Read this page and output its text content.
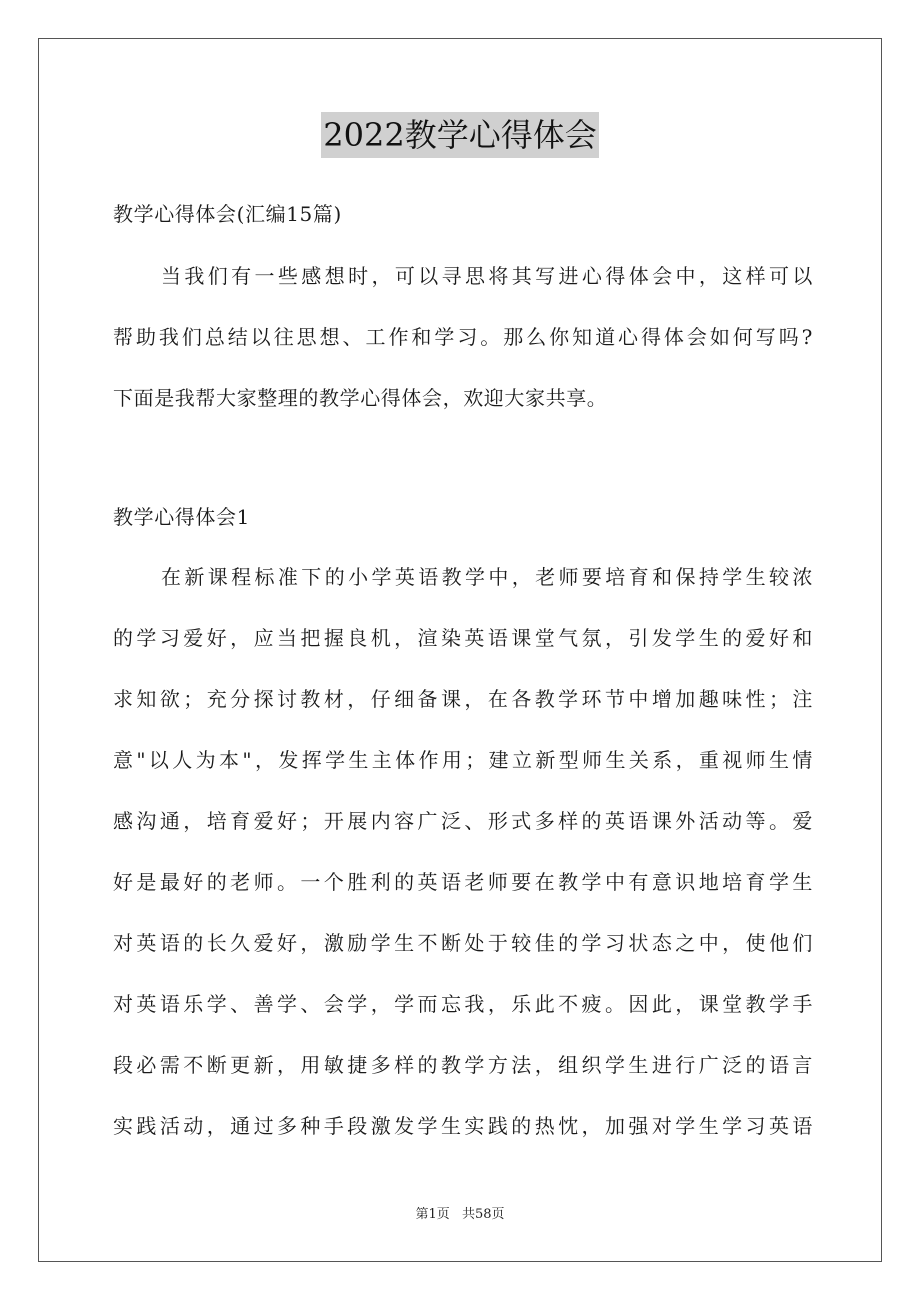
2022教学心得体会
教学心得体会(汇编15篇)
当我们有一些感想时，可以寻思将其写进心得体会中，这样可以
帮助我们总结以往思想、工作和学习。那么你知道心得体会如何写吗?
下面是我帮大家整理的教学心得体会，欢迎大家共享。
教学心得体会1
在新课程标准下的小学英语教学中，老师要培育和保持学生较浓
的学习爱好，应当把握良机，渲染英语课堂气氛，引发学生的爱好和
求知欲；充分探讨教材，仔细备课，在各教学环节中增加趣味性；注
意"以人为本"，发挥学生主体作用；建立新型师生关系，重视师生情
感沟通，培育爱好；开展内容广泛、形式多样的英语课外活动等。爱
好是最好的老师。一个胜利的英语老师要在教学中有意识地培育学生
对英语的长久爱好，激励学生不断处于较佳的学习状态之中，使他们
对英语乐学、善学、会学，学而忘我，乐此不疲。因此，课堂教学手
段必需不断更新，用敏捷多样的教学方法，组织学生进行广泛的语言
实践活动，通过多种手段激发学生实践的热忱，加强对学生学习英语
第1页 共58页
